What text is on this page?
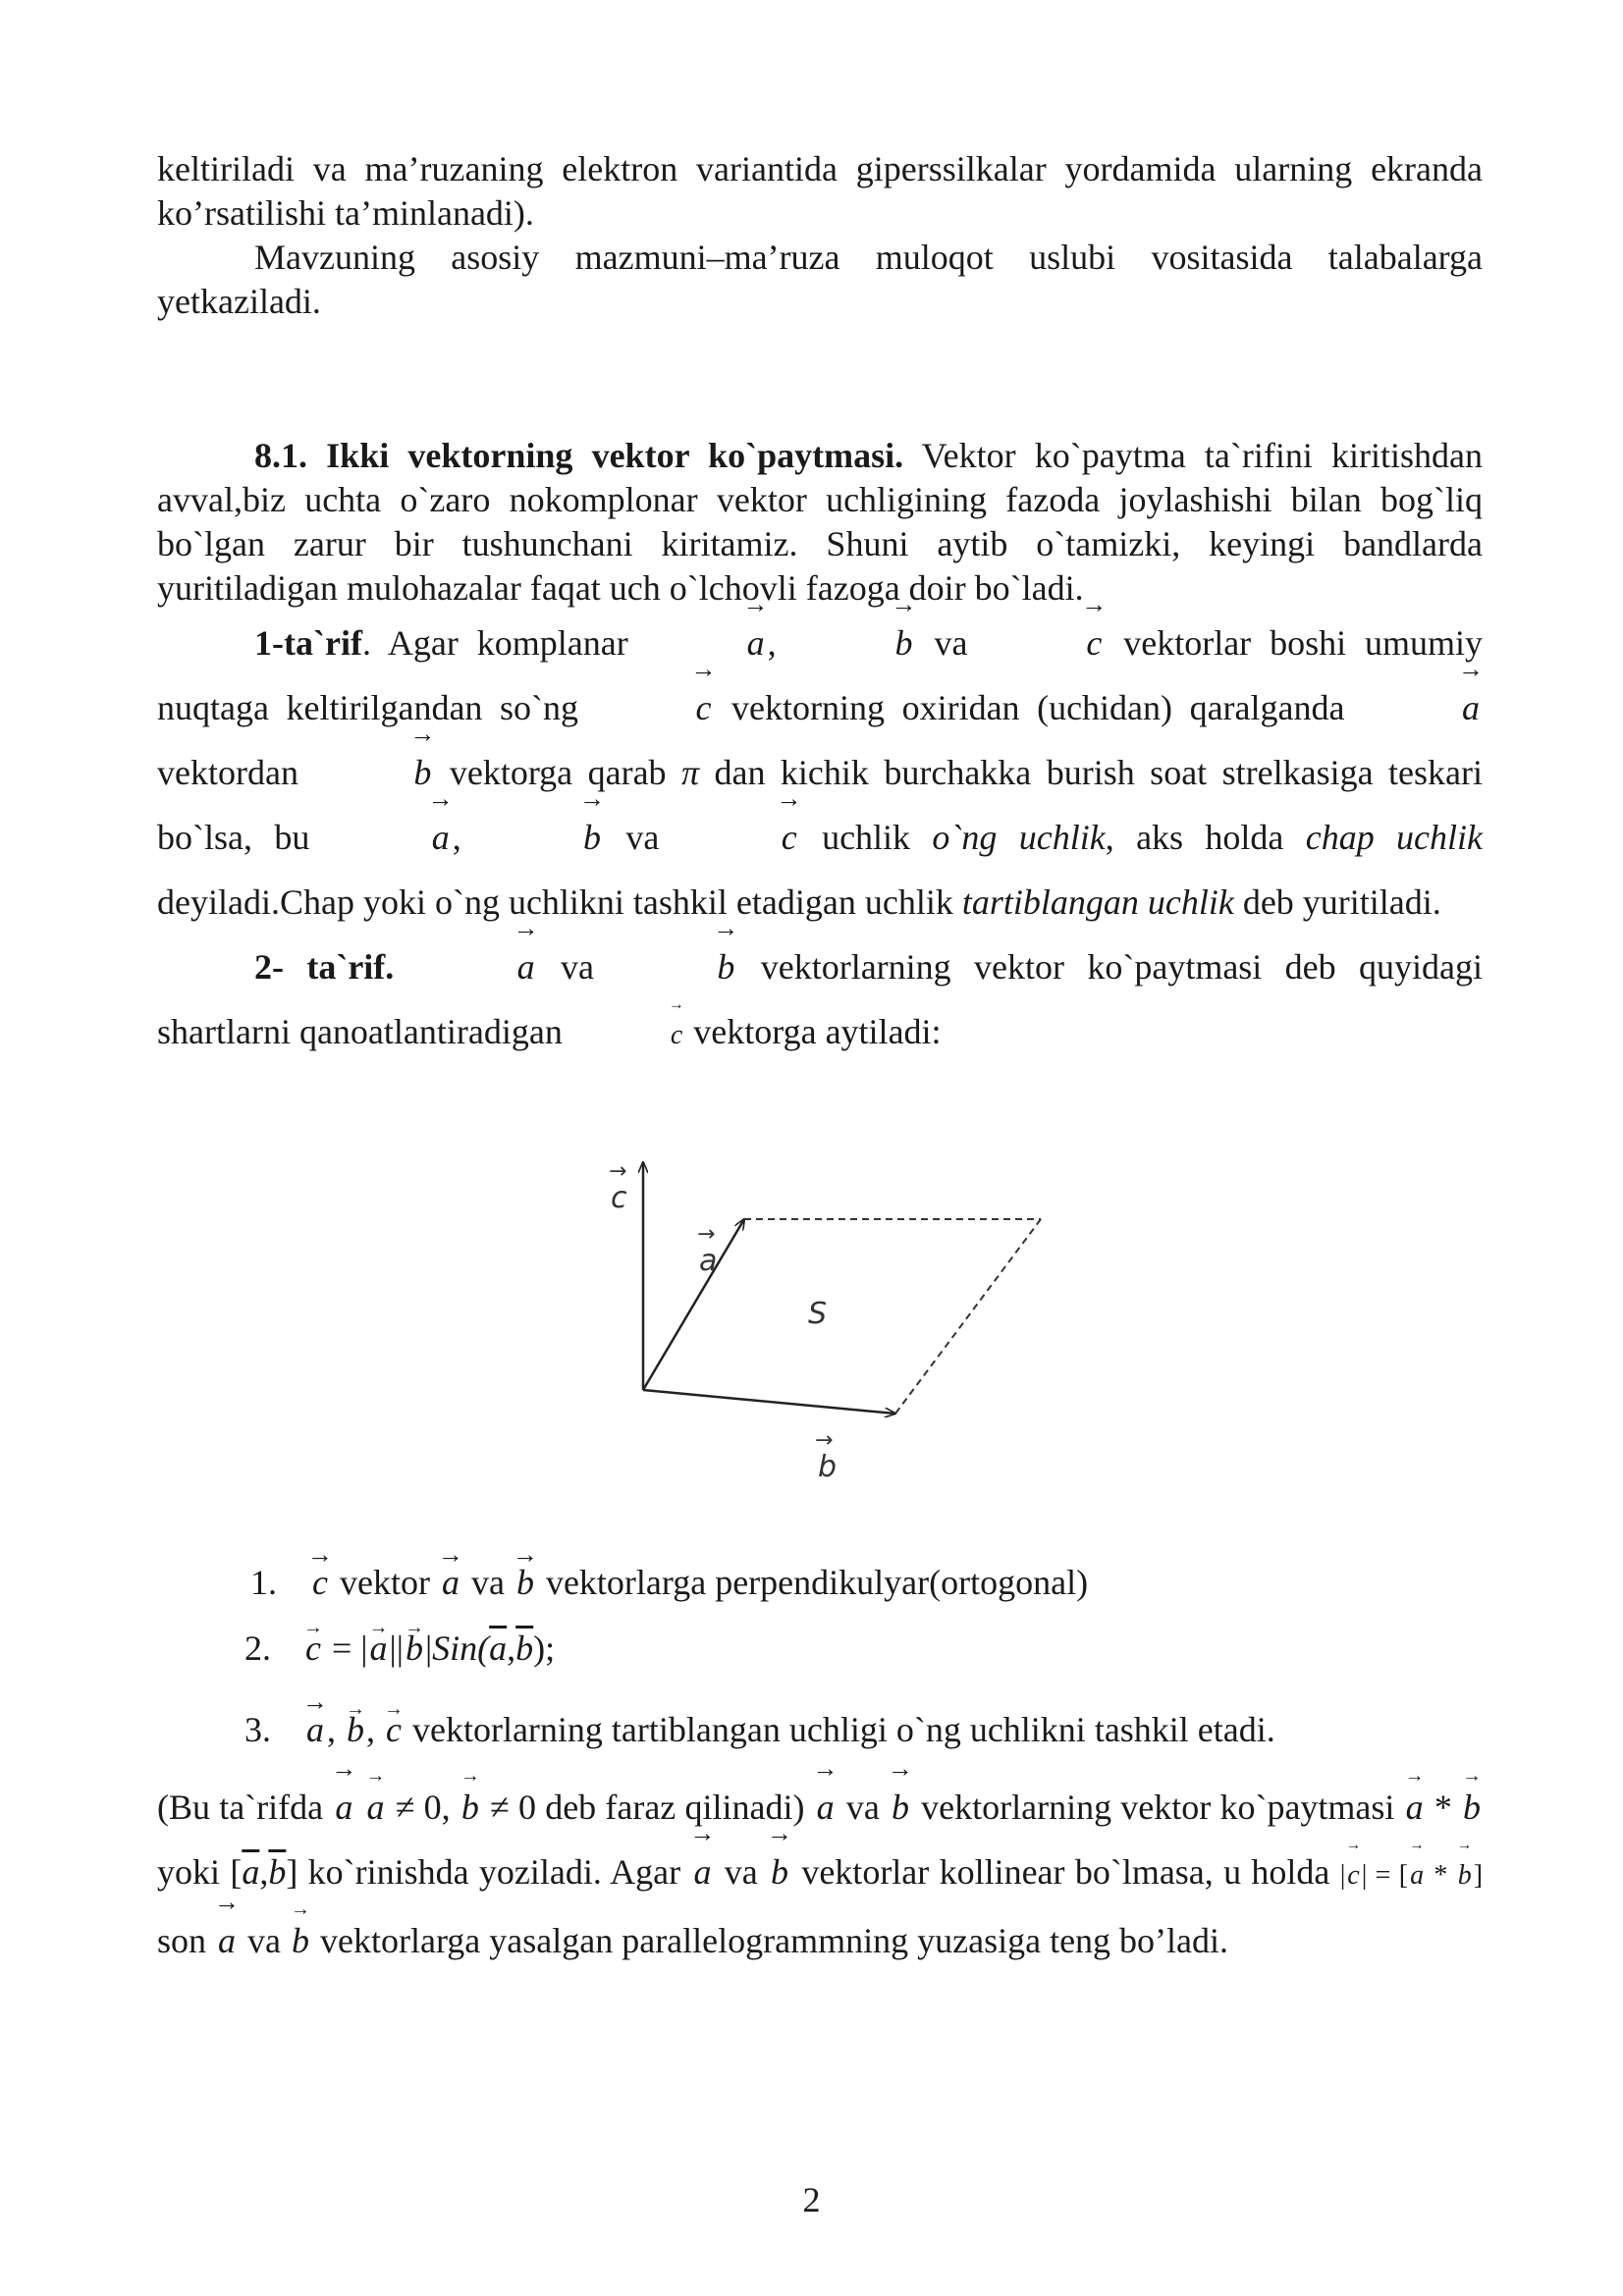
keltiriladi va ma’ruzaning elektron variantida giperssilkalar yordamida ularning ekranda ko’rsatilishi ta’minlanadi).

Mavzuning asosiy mazmuni–ma’ruza muloqot uslubi vositasida talabalarga yetkaziladi.

8.1. Ikki vektorning vektor ko`paytmasi. Vektor ko`paytma ta`rifini kiritishdan avval,biz uchta o`zaro nokomplonar vektor uchligining fazoda joylashishi bilan bog`liq bo`lgan zarur bir tushunchani kiritamiz. Shuni aytib o`tamizki, keyingi bandlarda yuritiladigan mulohazalar faqat uch o`lchovli fazoga doir bo`ladi.

1-ta`rif. Agar komplanar	→ a,	→ b va	→ c vektorlar boshi umumiy nuqtaga keltirilgandan so`ng	→ c vektorning oxiridan (uchidan) qaralganda	→ a vektordan	→ b vektorga qarab π dan kichik burchakka burish soat strelkasiga teskari bo`lsa, bu	→ a,	→ b va	→ c uchlik o`ng uchlik, aks holda chap uchlik deyiladi.Chap yoki o`ng uchlikni tashkil etadigan uchlik tartiblangan uchlik deb yuritiladi.

2- ta`rif.	→ a va	→ b vektorlarning vektor ko`paytmasi deb quyidagi shartlarni qanoatlantiradigan	→ c vektorga aytiladi:

→
c
→
a
S
→
b
1. → c vektor → a va → b vektorlarga perpendikulyar(ortogonal)
2. → c = |→ $a||\to b|Sin(\overline{a},\overline{b})$;
3. → a, → b, → c vektorlarning tartiblangan uchligi o`ng uchlikni tashkil etadi.

(Bu ta`rifda → a → a ≠ 0, → b ≠ 0 deb faraz qilinadi) → a va → b vektorlarning vektor ko`paytmasi → a * → b yoki $[\overline{a},\overline{b}]$ ko`rinishda yoziladi. Agar → a va → b vektorlar kollinear bo`lmasa, u holda |→ c| = [→ a * → b] son → a va → b vektorlarga yasalgan parallelogrammning yuzasiga teng bo’ladi.

2
